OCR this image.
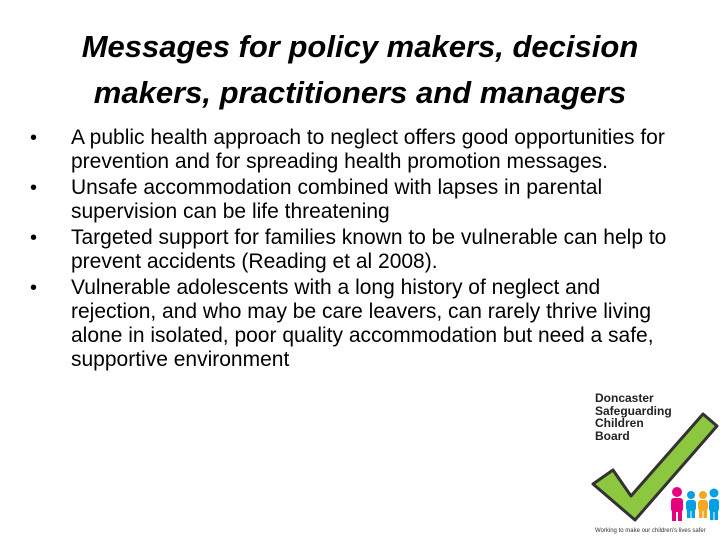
Messages for policy makers, decision
makers, practitioners and managers
• A public health approach to neglect offers good opportunities for prevention and for spreading health promotion messages.
• Unsafe accommodation combined with lapses in parental supervision can be life threatening
• Targeted support for families known to be vulnerable can help to prevent accidents (Reading et al 2008).
• Vulnerable adolescents with a long history of neglect and rejection, and who may be care leavers, can rarely thrive living alone in isolated, poor quality accommodation but need a safe, supportive environment
Doncaster
Safeguarding
Children
Board
Working to make our children's lives safer
